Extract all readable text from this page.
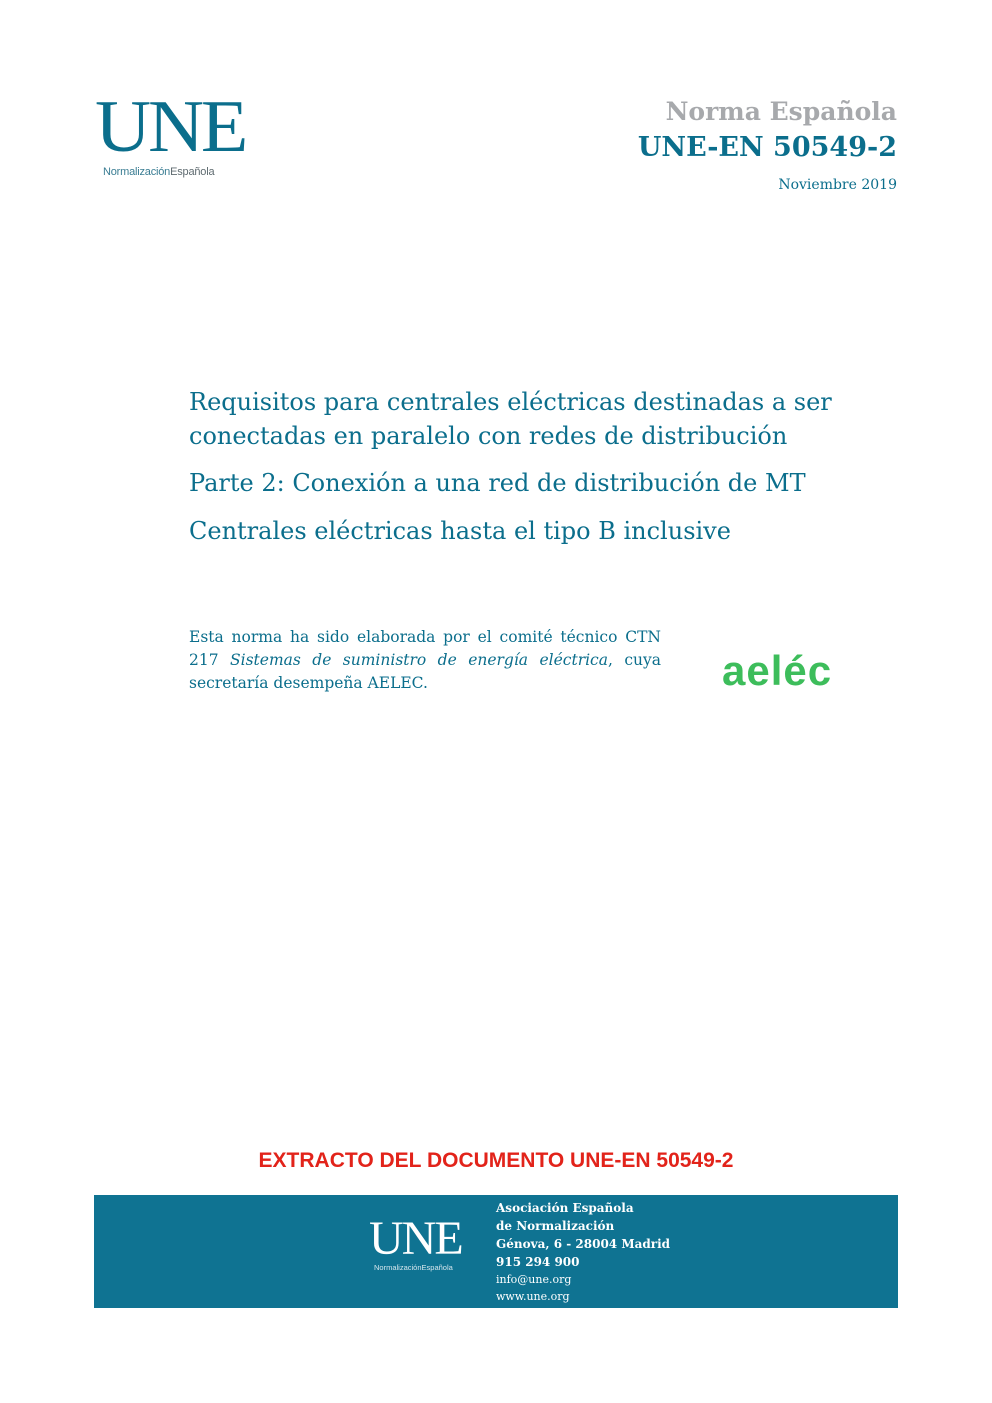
UNE
NormalizaciónEspañola
Norma Española
UNE-EN 50549-2
Noviembre 2019
Requisitos para centrales eléctricas destinadas a ser conectadas en paralelo con redes de distribución
Parte 2: Conexión a una red de distribución de MT
Centrales eléctricas hasta el tipo B inclusive
Esta norma ha sido elaborada por el comité técnico CTN 217 Sistemas de suministro de energía eléctrica, cuya secretaría desempeña AELEC.	aeléc
EXTRACTO DEL DOCUMENTO UNE-EN 50549-2
UNE
NormalizaciónEspañola
Asociación Española
de Normalización
Génova, 6 - 28004 Madrid
915 294 900
info@une.org
www.une.org
